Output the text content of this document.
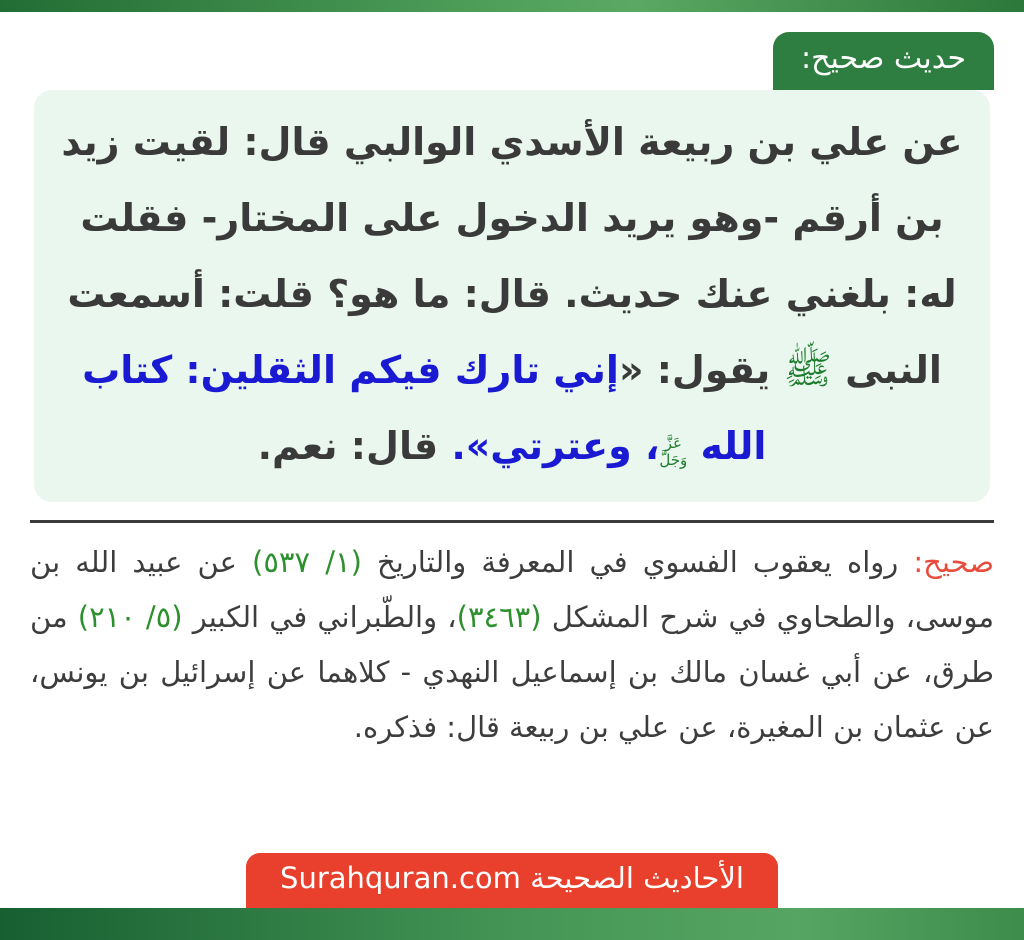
حديث صحيح:
عن علي بن ربيعة الأسدي الوالبي قال: لقيت زيد بن أرقم -وهو يريد الدخول على المختار- فقلت له: بلغني عنك حديث. قال: ما هو؟ قلت: أسمعت النبى ﷺ يقول: «إني تارك فيكم الثقلين: كتاب الله عَزَّ وَجَلَّ، وعترتي». قال: نعم.

صحيح: رواه يعقوب الفسوي في المعرفة والتاريخ (١/ ٥٣٧) عن عبيد الله بن موسى، والطحاوي في شرح المشكل (٣٤٦٣)، والطّبراني في الكبير (٥/ ٢١٠) من طرق، عن أبي غسان مالك بن إسماعيل النهدي - كلاهما عن إسرائيل بن يونس، عن عثمان بن المغيرة، عن علي بن ربيعة قال: فذكره.

الأحاديث الصحيحة Surahquran.com
